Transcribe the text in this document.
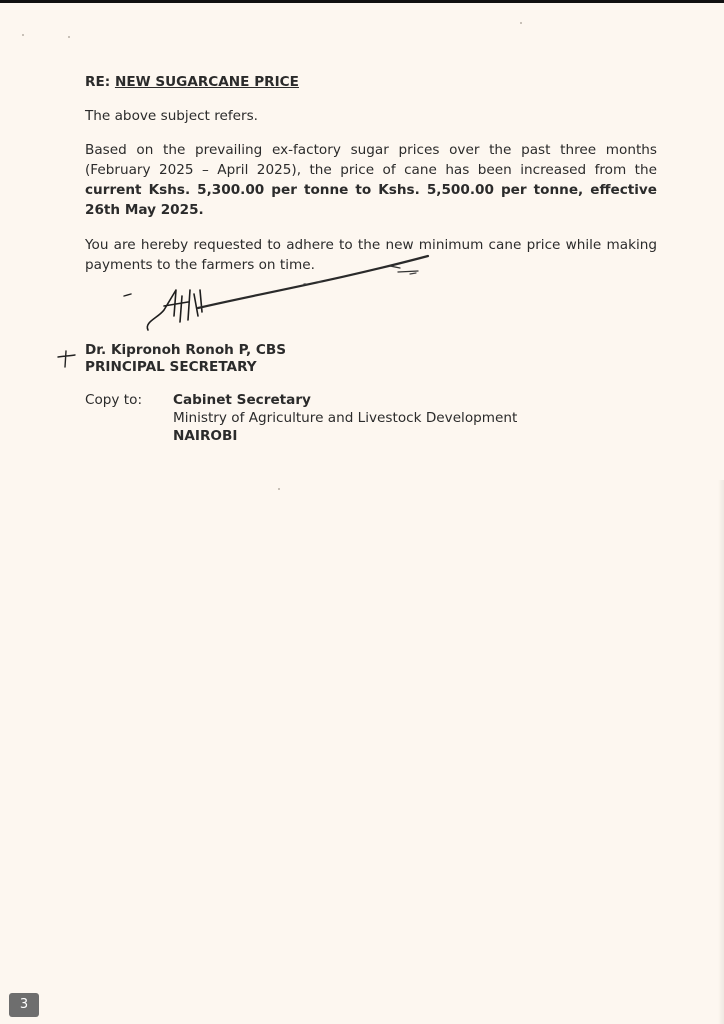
RE: NEW SUGARCANE PRICE

The above subject refers.

Based on the prevailing ex-factory sugar prices over the past three months (February 2025 – April 2025), the price of cane has been increased from the current Kshs. 5,300.00 per tonne to Kshs. 5,500.00 per tonne, effective 26th May 2025.

You are hereby requested to adhere to the new minimum cane price while making payments to the farmers on time.

Dr. Kipronoh Ronoh P, CBS
PRINCIPAL SECRETARY
Copy to:	Cabinet Secretary
Ministry of Agriculture and Livestock Development
NAIROBI
3
